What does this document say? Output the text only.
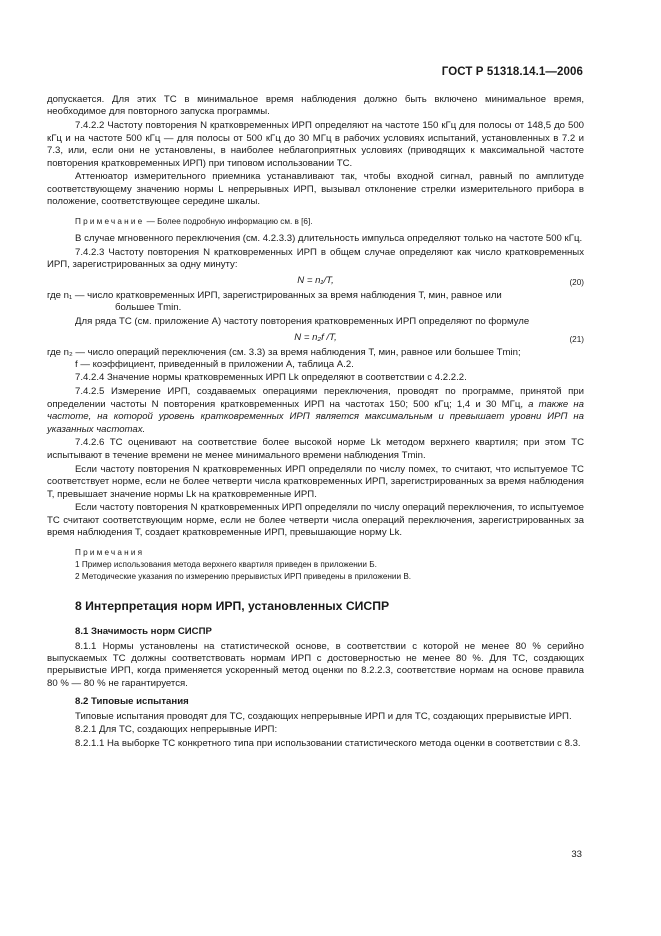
ГОСТ Р 51318.14.1—2006

допускается. Для этих ТС в минимальное время наблюдения должно быть включено минимальное время, необходимое для повторного запуска программы.

7.4.2.2 Частоту повторения N кратковременных ИРП определяют на частоте 150 кГц для полосы от 148,5 до 500 кГц и на частоте 500 кГц — для полосы от 500 кГц до 30 МГц в рабочих условиях испытаний, установленных в 7.2 и 7.3, или, если они не установлены, в наиболее неблагоприятных условиях (приводящих к максимальной частоте повторения кратковременных ИРП) при типовом использовании ТС.

Аттенюатор измерительного приемника устанавливают так, чтобы входной сигнал, равный по амплитуде соответствующему значению нормы L непрерывных ИРП, вызывал отклонение стрелки измерительного прибора в положение, соответствующее середине шкалы.

Примечание — Более подробную информацию см. в [6].

В случае мгновенного переключения (см. 4.2.3.3) длительность импульса определяют только на частоте 500 кГц.

7.4.2.3 Частоту повторения N кратковременных ИРП в общем случае определяют как число кратковременных ИРП, зарегистрированных за одну минуту:

N = n₁/T,	(20)

где n₁ — число кратковременных ИРП, зарегистрированных за время наблюдения T, мин, равное или

большее Tmin.

Для ряда ТС (см. приложение А) частоту повторения кратковременных ИРП определяют по формуле

N = n₂f /T,	(21)

где n₂ — число операций переключения (см. 3.3) за время наблюдения T, мин, равное или большее Tmin;

f — коэффициент, приведенный в приложении А, таблица А.2.

7.4.2.4 Значение нормы кратковременных ИРП Lk определяют в соответствии с 4.2.2.2.

7.4.2.5 Измерение ИРП, создаваемых операциями переключения, проводят по программе, принятой при определении частоты N повторения кратковременных ИРП на частотах 150; 500 кГц; 1,4 и 30 МГц, а также на частоте, на которой уровень кратковременных ИРП является максимальным и превышает уровни ИРП на указанных частотах.

7.4.2.6 ТС оценивают на соответствие более высокой норме Lk методом верхнего квартиля; при этом ТС испытывают в течение времени не менее минимального времени наблюдения Tmin.

Если частоту повторения N кратковременных ИРП определяли по числу помех, то считают, что испытуемое ТС соответствует норме, если не более четверти числа кратковременных ИРП, зарегистрированных за время наблюдения T, превышает значение нормы Lk на кратковременные ИРП.

Если частоту повторения N кратковременных ИРП определяли по числу операций переключения, то испытуемое ТС считают соответствующим норме, если не более четверти числа операций переключения, зарегистрированных за время наблюдения T, создает кратковременные ИРП, превышающие норму Lk.

Примечания

1 Пример использования метода верхнего квартиля приведен в приложении Б.

2 Методические указания по измерению прерывистых ИРП приведены в приложении В.

8 Интерпретация норм ИРП, установленных СИСПР

8.1 Значимость норм СИСПР

8.1.1 Нормы установлены на статистической основе, в соответствии с которой не менее 80 % серийно выпускаемых ТС должны соответствовать нормам ИРП с достоверностью не менее 80 %. Для ТС, создающих прерывистые ИРП, когда применяется ускоренный метод оценки по 8.2.2.3, соответствие нормам на основе правила 80 % — 80 % не гарантируется.

8.2 Типовые испытания

Типовые испытания проводят для ТС, создающих непрерывные ИРП и для ТС, создающих прерывистые ИРП.

8.2.1 Для ТС, создающих непрерывные ИРП:

8.2.1.1 На выборке ТС конкретного типа при использовании статистического метода оценки в соответствии с 8.3.

33
